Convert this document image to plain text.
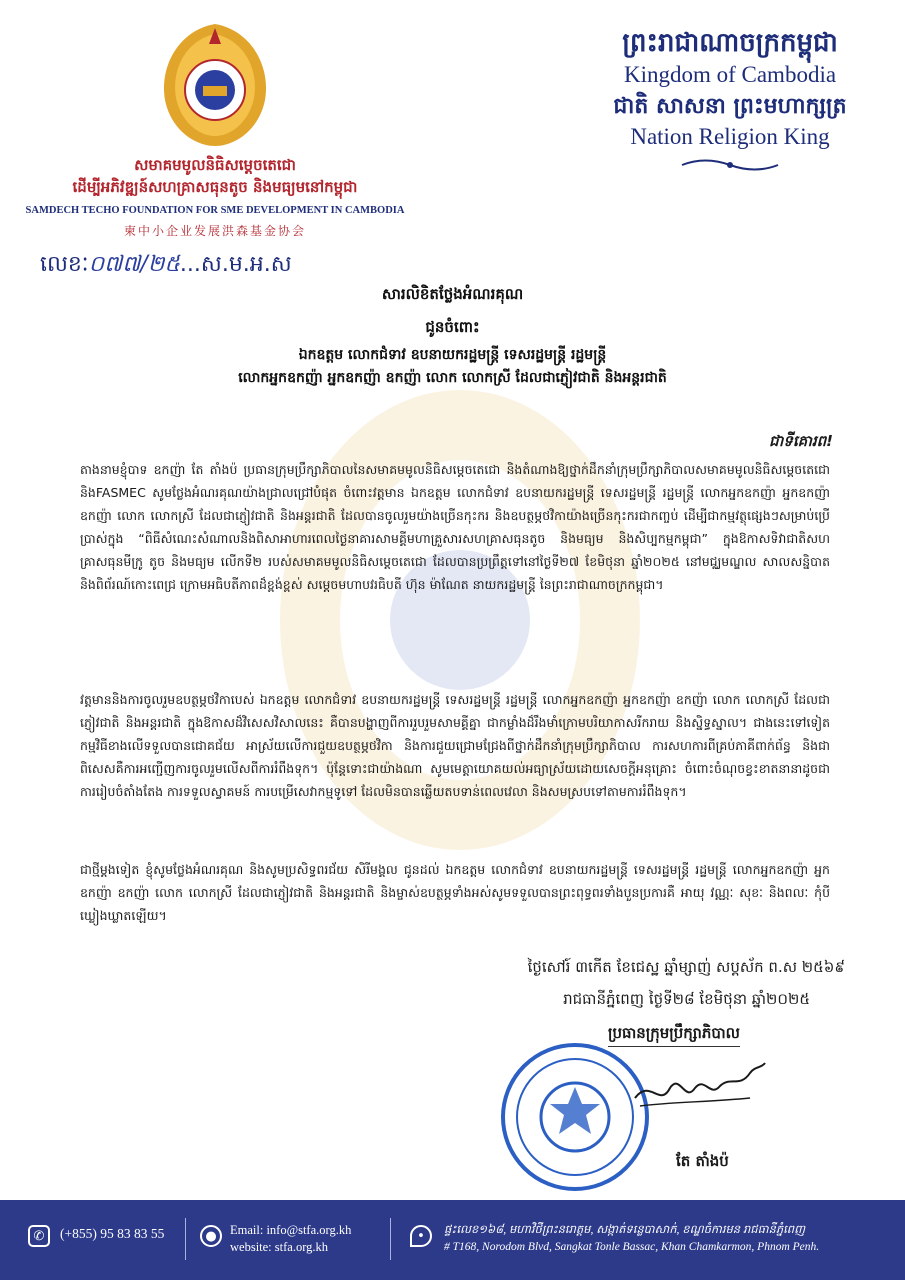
សមាគមមូលនិធិសម្តេចតេជោ
ដើម្បីអភិវឌ្ឍន៍សហគ្រាសធុនតូច និងមធ្យមនៅកម្ពុជា
SAMDECH TECHO FOUNDATION FOR SME DEVELOPMENT IN CAMBODIA
柬中小企业发展洪森基金协会
លេខៈ០៧៧/២៥...ស.ម.អ.ស
ព្រះរាជាណាចក្រកម្ពុជា
Kingdom of Cambodia
ជាតិ សាសនា ព្រះមហាក្សត្រ
Nation Religion King
សារលិខិតថ្លែងអំណរគុណ
ជូនចំពោះ
ឯកឧត្តម លោកជំទាវ ឧបនាយករដ្ឋមន្ត្រី ទេសរដ្ឋមន្ត្រី រដ្ឋមន្ត្រី
លោកអ្នកឧកញ៉ា អ្នកឧកញ៉ា ឧកញ៉ា លោក លោកស្រី ដែលជាភ្ញៀវជាតិ និងអន្តរជាតិ
ជាទីគោរព!
តាងនាមខ្ញុំបាទ ឧកញ៉ា តែ តាំងប៉ ប្រធានក្រុមប្រឹក្សាភិបាលនៃសមាគមមូលនិធិសម្តេចតេជោ និងតំណាងឱ្យថ្នាក់ដឹកនាំក្រុមប្រឹក្សាភិបាលសមាគមមូលនិធិសម្តេចតេជោ និងFASMEC សូមថ្លែងអំណរគុណយ៉ាងជ្រាលជ្រៅបំផុត ចំពោះវត្តមាន ឯកឧត្តម លោកជំទាវ ឧបនាយករដ្ឋមន្ត្រី ទេសរដ្ឋមន្ត្រី រដ្ឋមន្ត្រី លោកអ្នកឧកញ៉ា អ្នកឧកញ៉ា ឧកញ៉ា លោក លោកស្រី ដែលជាភ្ញៀវជាតិ និងអន្តរជាតិ ដែលបានចូលរួមយ៉ាងច្រើនកុះករ និងឧបត្ថម្ភថវិកាយ៉ាងច្រើនកុះករជាកញ្ចប់ ដើម្បីជាកម្មវត្ថុផ្សេងៗសម្រាប់ប្រើប្រាស់ក្នុង “ពិធីសំណេះសំណាលនិងពិសាអាហារពេលថ្ងៃនាគារសាមគ្គីមហាគ្រួសារសហគ្រាសធុនតូច និងមធ្យម និងសិប្បកម្មកម្ពុជា” ក្នុងឱកាសទិវាជាតិសហគ្រាសធុនមីក្រូ តូច និងមធ្យម លើកទី២ របស់សមាគមមូលនិធិសម្តេចតេជោ ដែលបានប្រព្រឹត្តទៅនៅថ្ងៃទី២៧ ខែមិថុនា ឆ្នាំ២០២៥ នៅមជ្ឈមណ្ឌល សាលសន្និបាត និងពិព័រណ៍កោះពេជ្រ ក្រោមអធិបតីភាពដ៏ខ្ពង់ខ្ពស់ សម្តេចមហាបវរធិបតី ហ៊ុន ម៉ាណែត នាយករដ្ឋមន្ត្រី នៃព្រះរាជាណាចក្រកម្ពុជា។
វត្តមាននិងការចូលរួមឧបត្ថម្ភថវិកាបេស់ ឯកឧត្តម លោកជំទាវ ឧបនាយករដ្ឋមន្ត្រី ទេសរដ្ឋមន្ត្រី រដ្ឋមន្ត្រី លោកអ្នកឧកញ៉ា អ្នកឧកញ៉ា ឧកញ៉ា លោក លោកស្រី ដែលជាភ្ញៀវជាតិ និងអន្តរជាតិ ក្នុងឱកាសដ៏វិសេសវិសាលនេះ គឺបានបង្ហាញពីការរួបរួមសាមគ្គីគ្នា ជាកម្លាំងដ៏រឹងមាំក្រោមបរិយាកាសរីករាយ និងស្និទ្ធស្នាល។ ជាងនេះទៅទៀតកម្មវិធីខាងលើទទួលបានជោគជ័យ អាស្រ័យលើការជួយឧបត្ថម្ភថវិកា និងការជួយជ្រោមជ្រែងពីថ្នាក់ដឹកនាំក្រុមប្រឹក្សាភិបាល ការសហការពីគ្រប់ភាគីពាក់ព័ន្ធ និងជាពិសេសគឺការអញ្ជើញការចូលរួមលើសពីការរំពឹងទុក។ ប៉ុន្តែទោះជាយ៉ាងណា សូមមេត្តាយោគយល់អធ្យាស្រ័យដោយសេចក្តីអនុគ្រោះ ចំពោះចំណុចខ្វះខាតនានាដូចជា ការរៀបចំតាំងតែង ការទទួលស្វាគមន៍ ការបម្រើសេវាកម្មទូទៅ ដែលមិនបានឆ្លើយតបទាន់ពេលវេលា និងសមស្របទៅតាមការរំពឹងទុក។
ជាថ្មីម្តងទៀត ខ្ញុំសូមថ្លែងអំណរគុណ និងសូមប្រសិទ្ធពរជ័យ សិរីមង្គល ជូនដល់ ឯកឧត្តម លោកជំទាវ ឧបនាយករដ្ឋមន្ត្រី ទេសរដ្ឋមន្ត្រី រដ្ឋមន្ត្រី លោកអ្នកឧកញ៉ា អ្នកឧកញ៉ា ឧកញ៉ា លោក លោកស្រី ដែលជាភ្ញៀវជាតិ និងអន្តរជាតិ និងម្ចាស់ឧបត្ថម្ភទាំងអស់សូមទទួលបានព្រះពុទ្ធពរទាំងបួនប្រការគឺ អាយុ វណ្ណៈ សុខៈ និងពលៈ កុំបីឃ្លៀងឃ្លាតឡើយ។
ថ្ងៃសៅរ៍ ៣កើត ខែជេស្ឋ ឆ្នាំម្សាញ់ សប្តស័ក ព.ស ២៥៦៩
រាជធានីភ្នំពេញ ថ្ងៃទី២៨ ខែមិថុនា ឆ្នាំ២០២៥
ប្រធានក្រុមប្រឹក្សាភិបាល
តែ តាំងប៉
✆	(+855) 95 83 83 55	●	Email: info@stfa.org.kh
website: stfa.org.kh
•	ផ្ទះលេខ១៦៨, មហាវិថីព្រះនរោត្តម, សង្កាត់ទន្លេបាសាក់, ខណ្ឌចំការមន រាជធានីភ្នំពេញ
# T168, Norodom Blvd, Sangkat Tonle Bassac, Khan Chamkarmon, Phnom Penh.
